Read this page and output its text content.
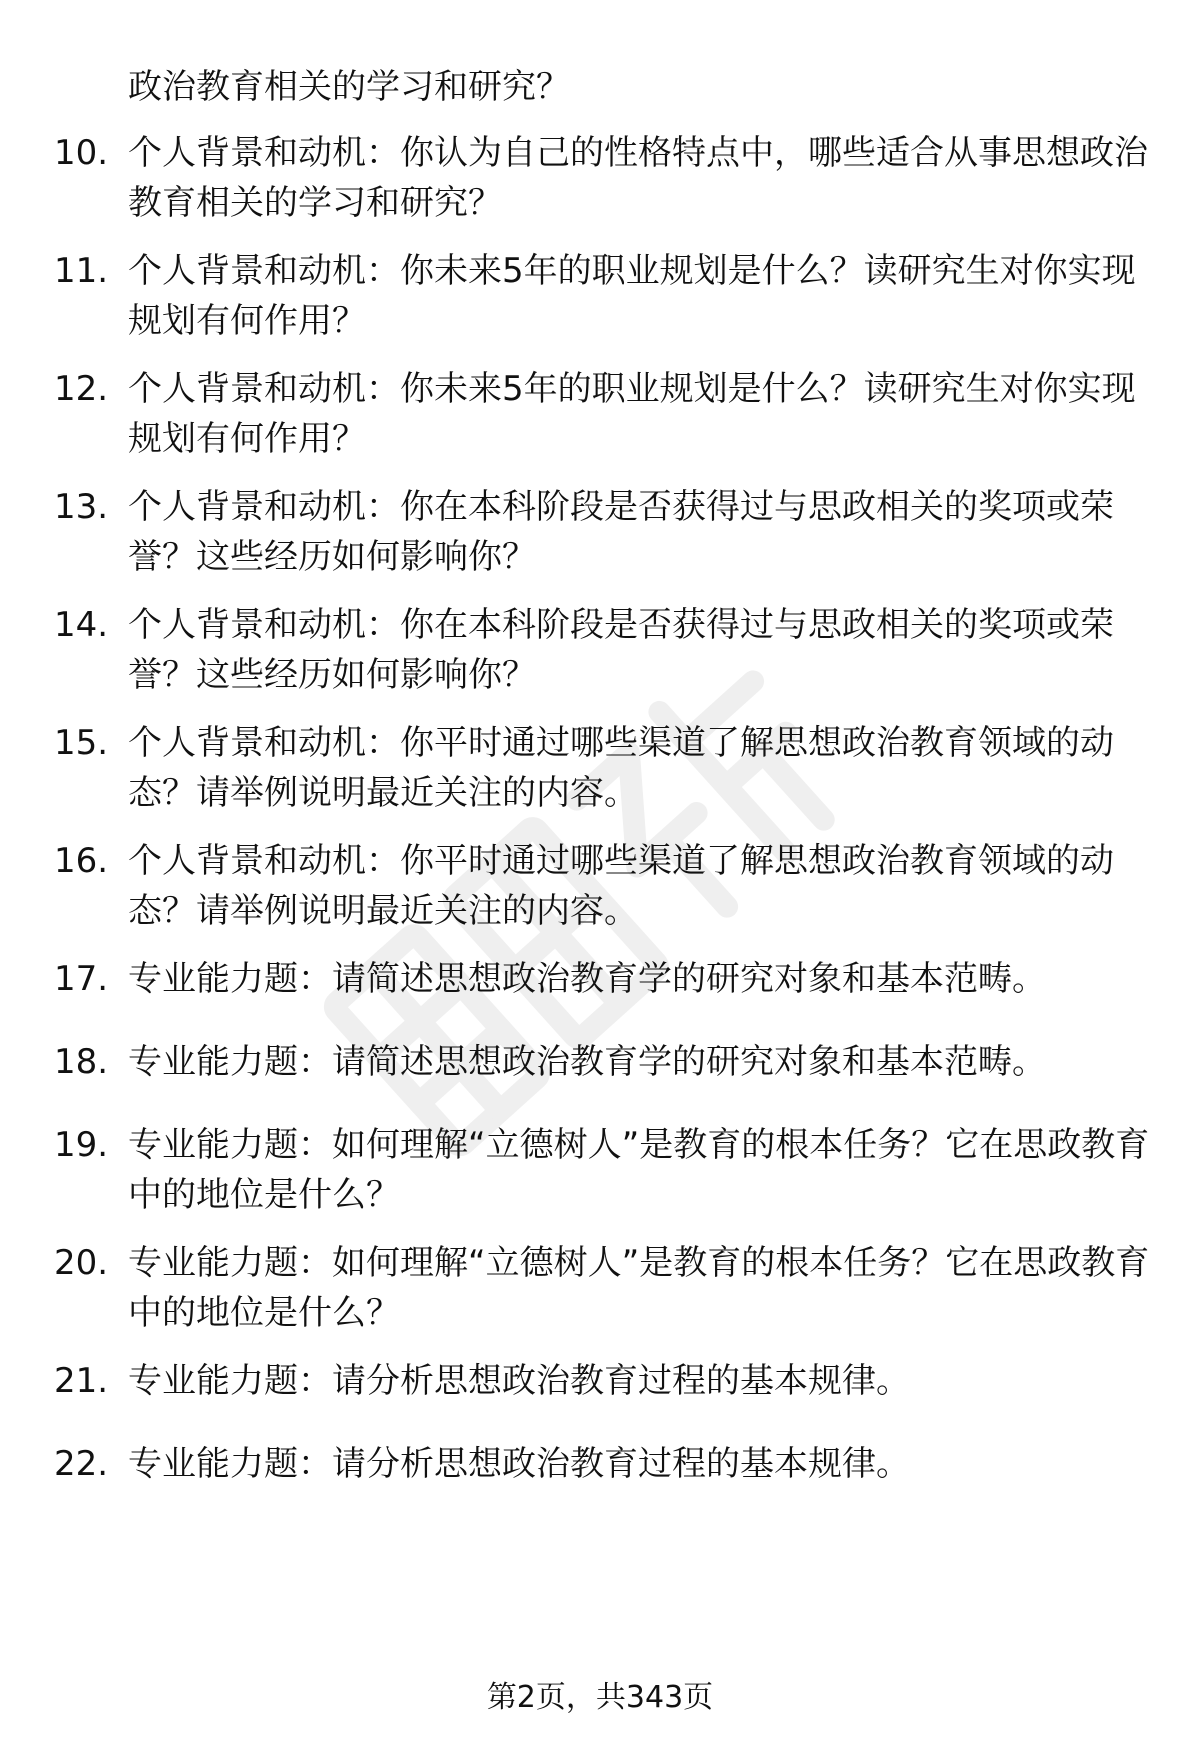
政治教育相关的学习和研究？
10. 个人背景和动机：你认为自己的性格特点中，哪些适合从事思想政治教育相关的学习和研究？
11. 个人背景和动机：你未来5年的职业规划是什么？读研究生对你实现规划有何作用？
12. 个人背景和动机：你未来5年的职业规划是什么？读研究生对你实现规划有何作用？
13. 个人背景和动机：你在本科阶段是否获得过与思政相关的奖项或荣誉？这些经历如何影响你？
14. 个人背景和动机：你在本科阶段是否获得过与思政相关的奖项或荣誉？这些经历如何影响你？
15. 个人背景和动机：你平时通过哪些渠道了解思想政治教育领域的动态？请举例说明最近关注的内容。
16. 个人背景和动机：你平时通过哪些渠道了解思想政治教育领域的动态？请举例说明最近关注的内容。
17. 专业能力题：请简述思想政治教育学的研究对象和基本范畴。
18. 专业能力题：请简述思想政治教育学的研究对象和基本范畴。
19. 专业能力题：如何理解“立德树人”是教育的根本任务？它在思政教育中的地位是什么？
20. 专业能力题：如何理解“立德树人”是教育的根本任务？它在思政教育中的地位是什么？
21. 专业能力题：请分析思想政治教育过程的基本规律。
22. 专业能力题：请分析思想政治教育过程的基本规律。
第2页，共343页
